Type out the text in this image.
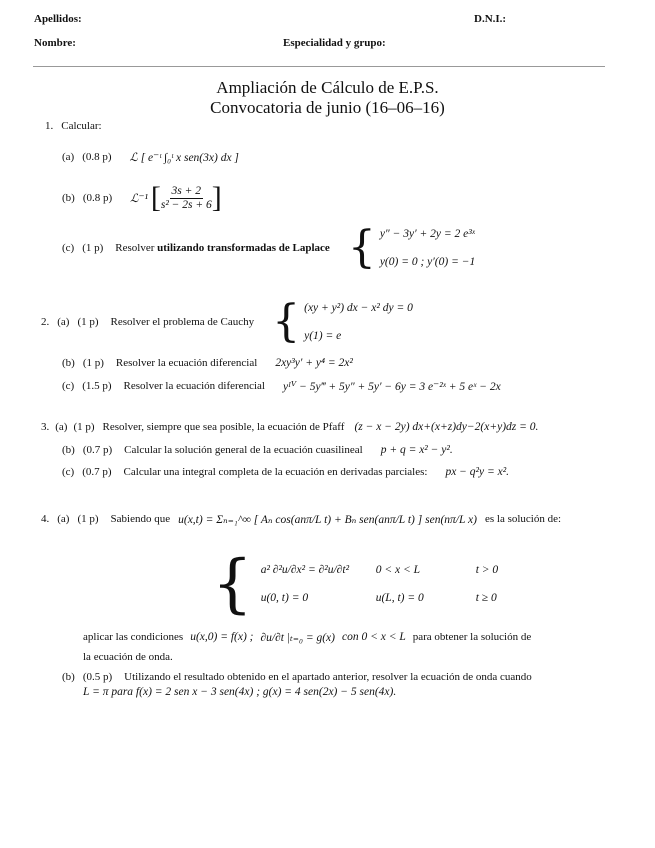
Apellidos:	D.N.I.:
Nombre:	Especialidad y grupo:
Ampliación de Cálculo de E.P.S.
Convocatoria de junio (16–06–16)
1. Calcular:
(a) (0.8 p) ℒ [ e⁻ᵗ ∫₀ᵗ x sen(3x) dx ]
(b) (0.8 p) ℒ⁻¹ [ $\frac{3s + 2}{\text{s² − 2s + 6}}$ ]
(c) (1 p) Resolver utilizando transformadas de Laplace { y″ − 3y′ + 2y = 2 e³ˣ
y(0) = 0 ; y′(0) = −1
2. (a) (1 p) Resolver el problema de Cauchy { (xy + y²) dx − x² dy = 0
y(1) = e
(b) (1 p) Resolver la ecuación diferencial 2xy³y′ + y⁴ = 2x²
(c) (1.5 p) Resolver la ecuación diferencial yᴵⱽ − 5y‴ + 5y″ + 5y′ − 6y = 3 e⁻²ˣ + 5 eˣ − 2x
3. (a) (1 p) Resolver, siempre que sea posible, la ecuación de Pfaff (z − x − 2y) dx+(x+z)dy−2(x+y)dz = 0.
(b) (0.7 p) Calcular la solución general de la ecuación cuasilineal p + q = x² − y².
(c) (0.7 p) Calcular una integral completa de la ecuación en derivadas parciales: px − q²y = x².
4. (a) (1 p) Sabiendo que u(x,t) = Σₙ₌₁^∞ [ Aₙ cos(anπ/L t) + Bₙ sen(anπ/L t) ] sen(nπ/L x) es la solución de:
{ a² ∂²u/∂x² = ∂²u/∂t²	0 < x < L	t > 0
u(0, t) = 0	u(L, t) = 0	t ≥ 0
aplicar las condiciones u(x,0) = f(x) ; ∂u/∂t |ₜ₌₀ = g(x) con 0 < x < L para obtener la solución de
la ecuación de onda.
(b) (0.5 p) Utilizando el resultado obtenido en el apartado anterior, resolver la ecuación de onda cuando
L = π para f(x) = 2 sen x − 3 sen(4x) ; g(x) = 4 sen(2x) − 5 sen(4x).
